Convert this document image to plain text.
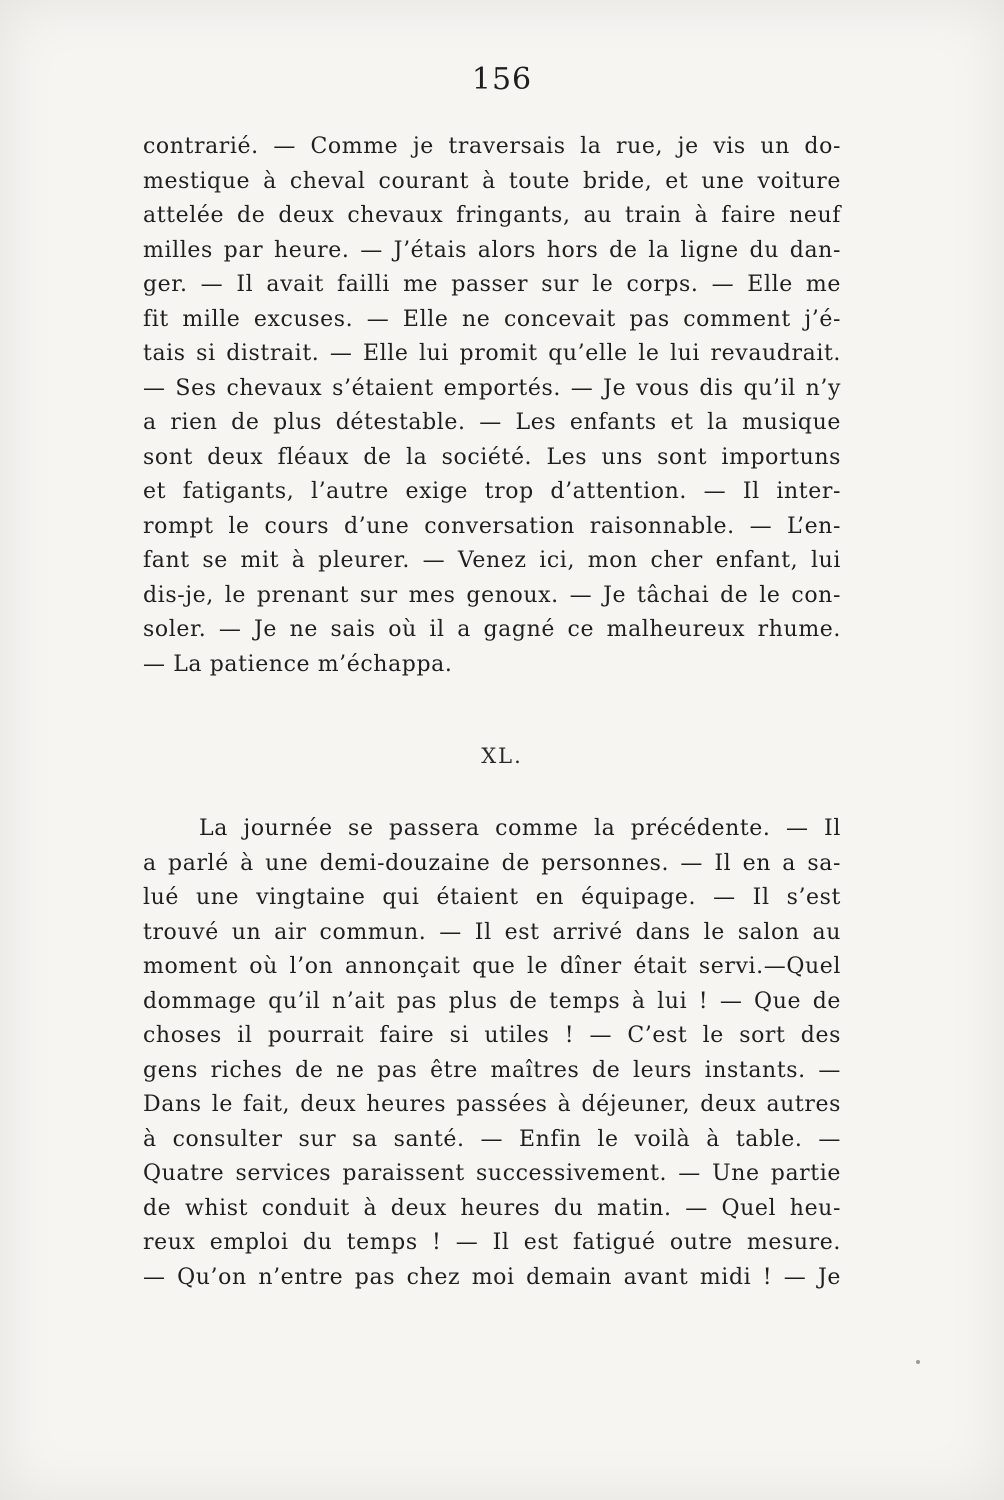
156
contrarié. — Comme je traversais la rue, je vis un do-
mestique à cheval courant à toute bride, et une voiture
attelée de deux chevaux fringants, au train à faire neuf
milles par heure. — J’étais alors hors de la ligne du dan-
ger. — Il avait failli me passer sur le corps. — Elle me
fit mille excuses. — Elle ne concevait pas comment j’é-
tais si distrait. — Elle lui promit qu’elle le lui revaudrait.
— Ses chevaux s’étaient emportés. — Je vous dis qu’il n’y
a rien de plus détestable. — Les enfants et la musique
sont deux fléaux de la société. Les uns sont importuns
et fatigants, l’autre exige trop d’attention. — Il inter-
rompt le cours d’une conversation raisonnable. — L’en-
fant se mit à pleurer. — Venez ici, mon cher enfant, lui
dis-je, le prenant sur mes genoux. — Je tâchai de le con-
soler. — Je ne sais où il a gagné ce malheureux rhume.
— La patience m’échappa.
XL.
La journée se passera comme la précédente. — Il
a parlé à une demi-douzaine de personnes. — Il en a sa-
lué une vingtaine qui étaient en équipage. — Il s’est
trouvé un air commun. — Il est arrivé dans le salon au
moment où l’on annonçait que le dîner était servi.—Quel
dommage qu’il n’ait pas plus de temps à lui ! — Que de
choses il pourrait faire si utiles ! — C’est le sort des
gens riches de ne pas être maîtres de leurs instants. —
Dans le fait, deux heures passées à déjeuner, deux autres
à consulter sur sa santé. — Enfin le voilà à table. —
Quatre services paraissent successivement. — Une partie
de whist conduit à deux heures du matin. — Quel heu-
reux emploi du temps ! — Il est fatigué outre mesure.
— Qu’on n’entre pas chez moi demain avant midi ! — Je
